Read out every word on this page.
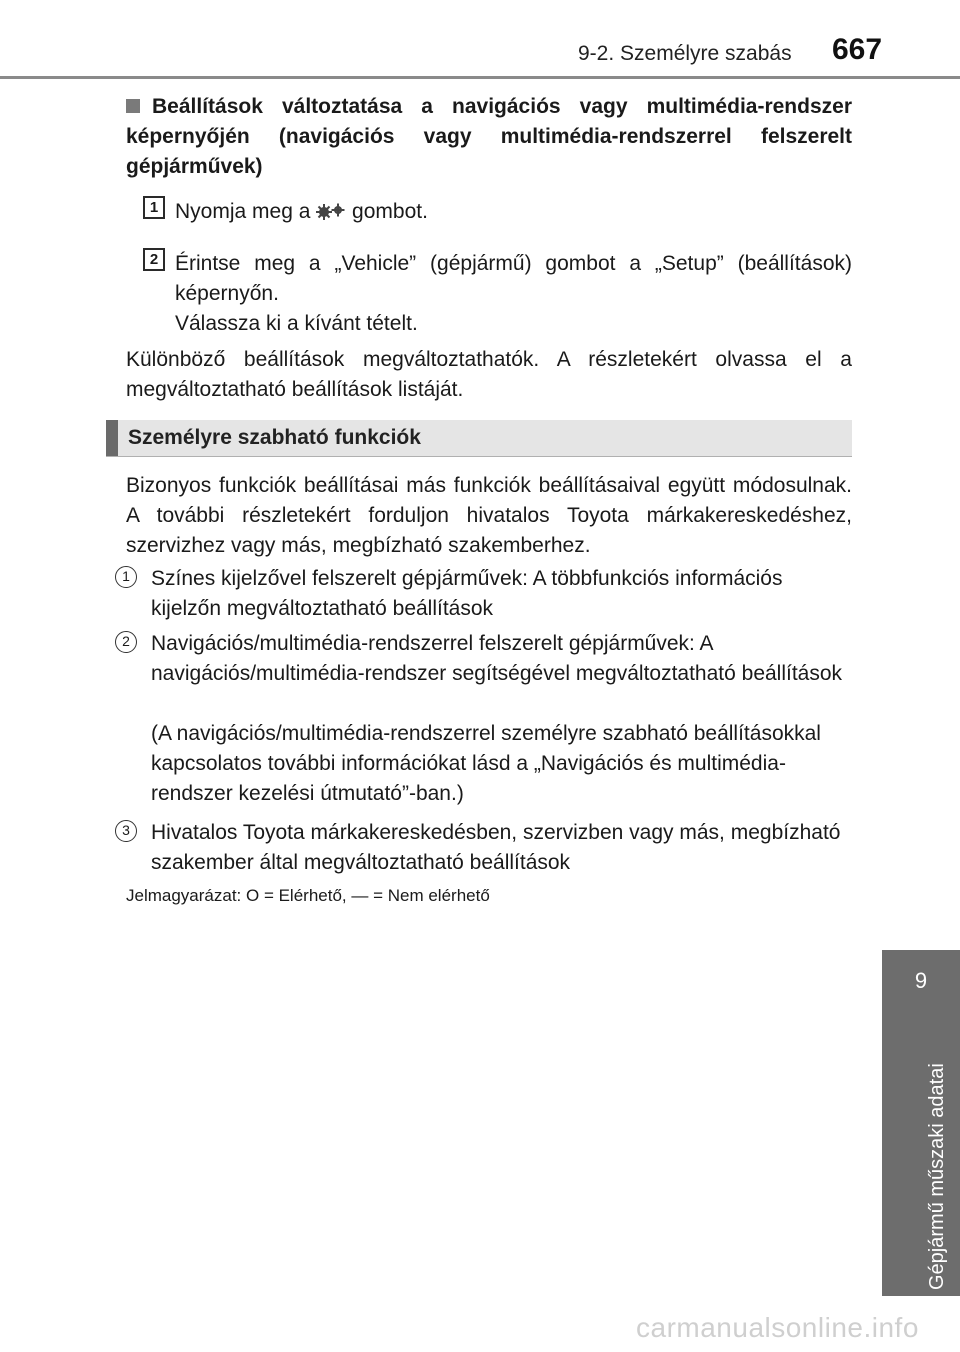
9-2. Személyre szabás 667
9
Gépjármű műszaki adatai
Beállítások változtatása a navigációs vagy multimédia-rendszer képernyőjén (navigációs vagy multimédia-rendszerrel felszerelt gépjárművek)
1 Nyomja meg a  gombot.
2 Érintse meg a „Vehicle” (gépjármű) gombot a „Setup” (beállítások) képernyőn.
Válassza ki a kívánt tételt.
Különböző beállítások megváltoztathatók. A részletekért olvassa el a megváltoztatható beállítások listáját.
Személyre szabható funkciók
Bizonyos funkciók beállításai más funkciók beállításaival együtt módosulnak. A további részletekért forduljon hivatalos Toyota márkakereskedéshez, szervizhez vagy más, megbízható szakemberhez.
1	Színes kijelzővel felszerelt gépjárművek: A többfunkciós információs kijelzőn megváltoztatható beállítások
2	Navigációs/multimédia-rendszerrel felszerelt gépjárművek: A navigációs/multimédia-rendszer segítségével megváltoztatható beállítások
(A navigációs/multimédia-rendszerrel személyre szabható beállításokkal kapcsolatos további információkat lásd a „Navigációs és multimédia-rendszer kezelési útmutató”-ban.)
3	Hivatalos Toyota márkakereskedésben, szervizben vagy más, megbízható szakember által megváltoztatható beállítások
Jelmagyarázat: O = Elérhető, — = Nem elérhető
carmanualsonline.info
